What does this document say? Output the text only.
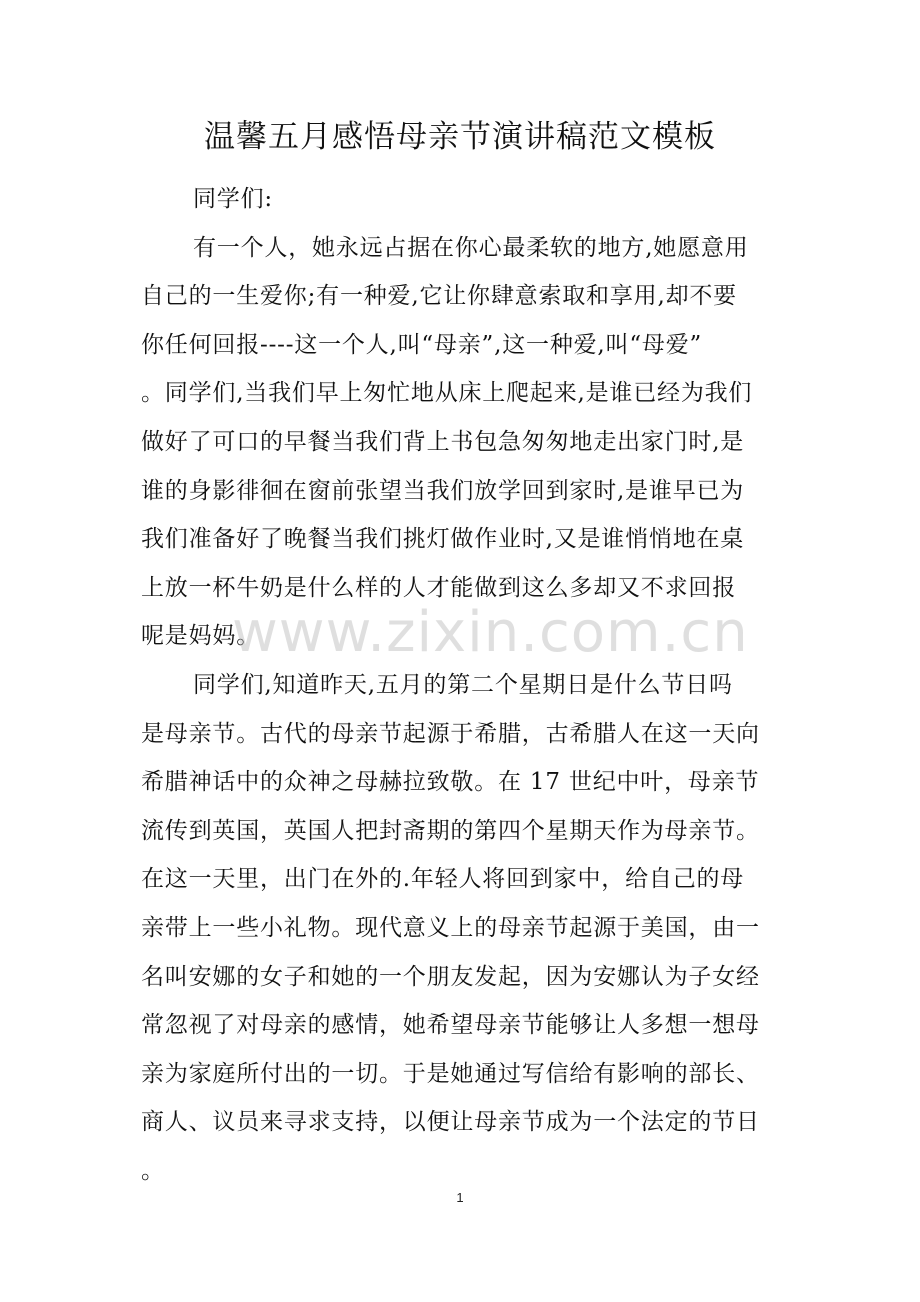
温馨五月感悟母亲节演讲稿范文模板
同学们:
有一个人，她永远占据在你心最柔软的地方,她愿意用
自己的一生爱你;有一种爱,它让你肆意索取和享用,却不要
你任何回报----这一个人,叫“母亲”,这一种爱,叫“母爱”
。同学们,当我们早上匆忙地从床上爬起来,是谁已经为我们
做好了可口的早餐当我们背上书包急匆匆地走出家门时,是
谁的身影徘徊在窗前张望当我们放学回到家时,是谁早已为
我们准备好了晚餐当我们挑灯做作业时,又是谁悄悄地在桌
上放一杯牛奶是什么样的人才能做到这么多却又不求回报
呢是妈妈。
同学们,知道昨天,五月的第二个星期日是什么节日吗
是母亲节。古代的母亲节起源于希腊，古希腊人在这一天向
希腊神话中的众神之母赫拉致敬。在 17 世纪中叶，母亲节
流传到英国，英国人把封斋期的第四个星期天作为母亲节。
在这一天里，出门在外的.年轻人将回到家中，给自己的母
亲带上一些小礼物。现代意义上的母亲节起源于美国，由一
名叫安娜的女子和她的一个朋友发起，因为安娜认为子女经
常忽视了对母亲的感情，她希望母亲节能够让人多想一想母
亲为家庭所付出的一切。于是她通过写信给有影响的部长、
商人、议员来寻求支持，以便让母亲节成为一个法定的节日
。
www.zixin.com.cn
1
